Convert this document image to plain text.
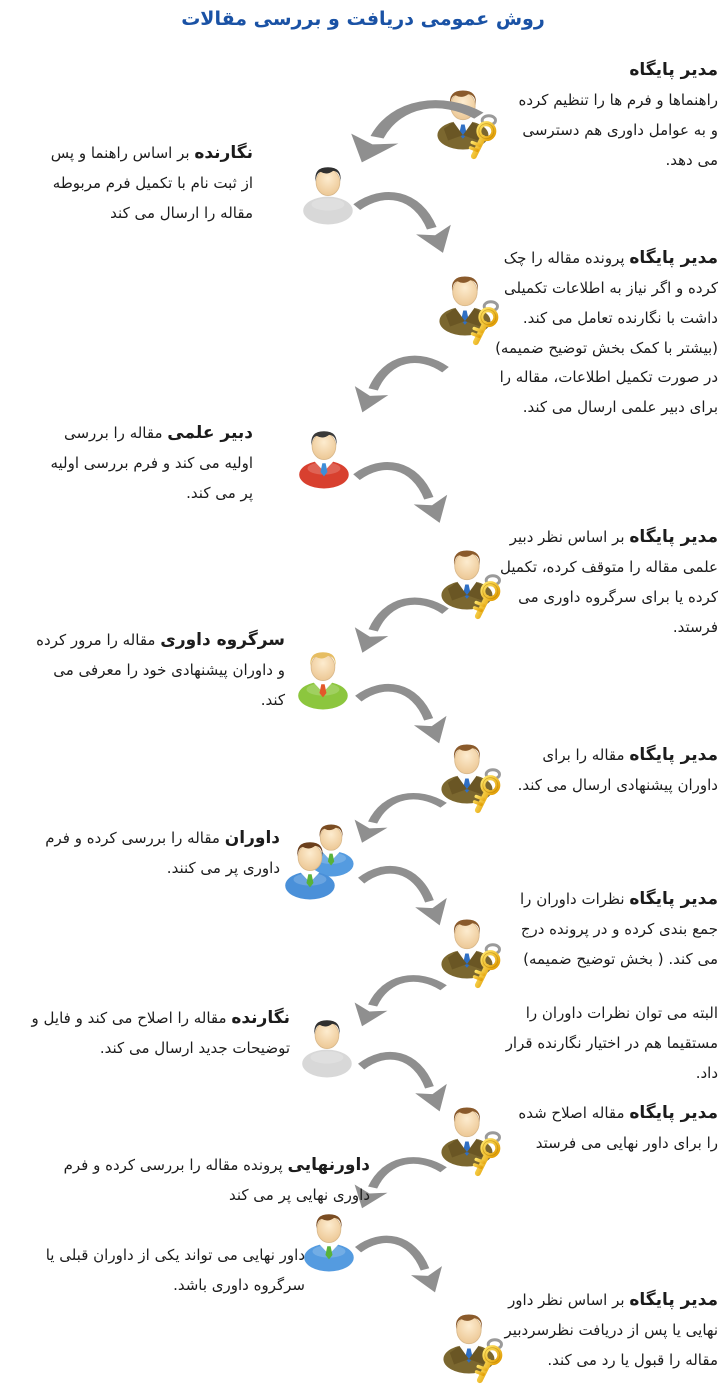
روش عمومی دریافت و بررسی مقالات
مدیر پایگاه
راهنماها و فرم ها را تنظیم کرده و به عوامل داوری هم دسترسی می دهد.
نگارنده بر اساس راهنما و پس از ثبت نام با تکمیل فرم مربوطه مقاله را ارسال می کند
مدیر پایگاه پرونده مقاله را چک کرده و اگر نیاز به اطلاعات تکمیلی داشت با نگارنده تعامل می کند. (بیشتر با کمک بخش توضیح ضمیمه)
در صورت تکمیل اطلاعات، مقاله را برای دبیر علمی ارسال می کند.
دبیر علمی مقاله را بررسی اولیه می کند و فرم بررسی اولیه پر می کند.
مدیر پایگاه بر اساس نظر دبیر علمی مقاله را متوقف کرده، تکمیل کرده یا برای سرگروه داوری می فرستد.
سرگروه داوری مقاله را مرور کرده و داوران پیشنهادی خود را معرفی می کند.
مدیر پایگاه مقاله را برای داوران پیشنهادی ارسال می کند.
داوران مقاله را بررسی کرده و فرم داوری پر می کنند.
مدیر پایگاه نظرات داوران را جمع بندی کرده و در پرونده درج می کند. ( بخش توضیح ضمیمه)
البته می توان نظرات داوران را مستقیما هم در اختیار نگارنده قرار داد.
نگارنده مقاله را اصلاح می کند و فایل و توضیحات جدید ارسال می کند.
مدیر پایگاه مقاله اصلاح شده را برای داور نهایی می فرستد
داورنهایی پرونده مقاله را بررسی کرده و فرم داوری نهایی پر می کند
داور نهایی می تواند یکی از داوران قبلی یا سرگروه داوری باشد.
مدیر پایگاه بر اساس نظر داور نهایی یا پس از دریافت نظرسردبیر مقاله را قبول یا رد می کند.
